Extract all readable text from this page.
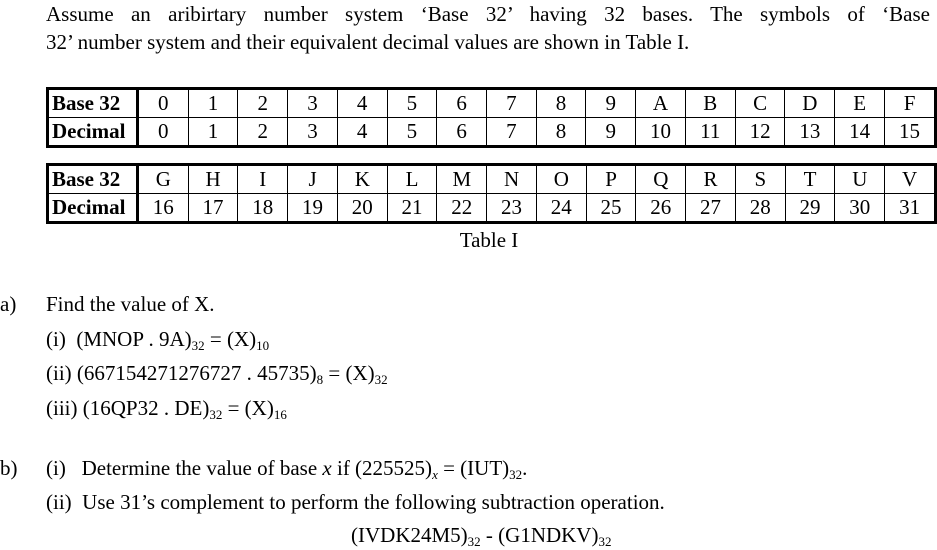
Assume an aribirtary number system ‘Base 32’ having 32 bases. The symbols of ‘Base
32’ number system and their equivalent decimal values are shown in Table I.
Base 32	0	1	2	3	4	5	6	7	8	9	A	B	C	D	E	F
Decimal	0	1	2	3	4	5	6	7	8	9	10	11	12	13	14	15
Base 32	G	H	I	J	K	L	M	N	O	P	Q	R	S	T	U	V
Decimal	16	17	18	19	20	21	22	23	24	25	26	27	28	29	30	31
Table I
a) Find the value of X.
(i) (MNOP . $9A)_{32} = (X)_{10}$
(ii) (667154271276727 . $45735)_8 = (X)_{32}$
(iii) (16QP32 . $DE)_{32} = (X)_{16}$
b) (i) Determine the value of base x if $(225525)_x = (IUT)_{32}$.
(ii) Use 31’s complement to perform the following subtraction operation.
$(IVDK24M5)_{32}$ - $(G1NDKV)_{32}$
